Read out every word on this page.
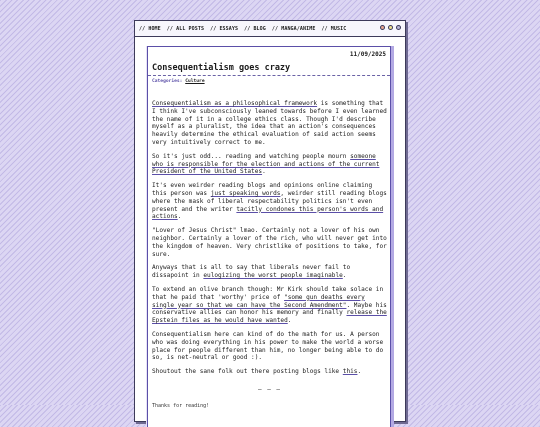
// HOME // ALL POSTS // ESSAYS // BLOG // MANGA/ANIME // MUSIC
11/09/2025
Consequentialism goes crazy
Categories: Culture

Consequentialism as a philosophical framework is something that
I think I've subconsciously leaned towards before I even learned
the name of it in a college ethics class. Though I'd describe
myself as a pluralist, the idea that an action's consequences
heavily determine the ethical evaluation of said action seems
very intuitively correct to me.

So it's just odd... reading and watching people mourn someone
who is responsible for the election and actions of the current
President of the United States.

It's even weirder reading blogs and opinions online claiming
this person was just speaking words, weirder still reading blogs
where the mask of liberal respectability politics isn't even
present and the writer tacitly condones this person's words and
actions.

"Lover of Jesus Christ" lmao. Certainly not a lover of his own
neighbor. Certainly a lover of the rich, who will never get into
the kingdom of heaven. Very christlike of positions to take, for
sure.

Anyways that is all to say that liberals never fail to
dissapoint in eulogizing the worst people imaginable.

To extend an olive branch though: Mr Kirk should take solace in
that he paid that 'worthy' price of "some gun deaths every
single year so that we can have the Second Amendment". Maybe his
conservative allies can honor his memory and finally release the
Epstein files as he would have wanted.

Consequentialism here can kind of do the math for us. A person
who was doing everything in his power to make the world a worse
place for people different than him, no longer being able to do
so, is net-neutral or good :).

Shoutout the sane folk out there posting blogs like this.

— — —
Thanks for reading!
